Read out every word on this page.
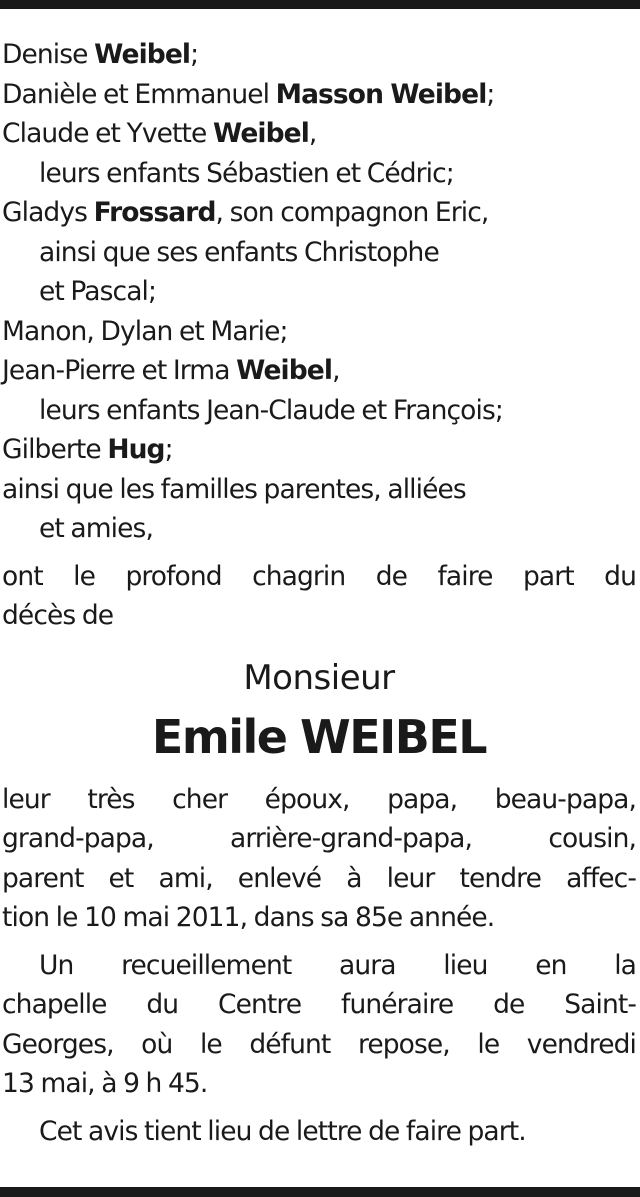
Denise Weibel;
Danièle et Emmanuel Masson Weibel;
Claude et Yvette Weibel,
leurs enfants Sébastien et Cédric;
Gladys Frossard, son compagnon Eric,
ainsi que ses enfants Christophe
et Pascal;
Manon, Dylan et Marie;
Jean-Pierre et Irma Weibel,
leurs enfants Jean-Claude et François;
Gilberte Hug;
ainsi que les familles parentes, alliées
et amies,
ont le profond chagrin de faire part du
décès de
Monsieur
Emile WEIBEL
leur très cher époux, papa, beau-papa,
grand-papa, arrière-grand-papa, cousin,
parent et ami, enlevé à leur tendre affec-
tion le 10 mai 2011, dans sa 85e année.
Un recueillement aura lieu en la
chapelle du Centre funéraire de Saint-
Georges, où le défunt repose, le vendredi
13 mai, à 9 h 45.
Cet avis tient lieu de lettre de faire part.
